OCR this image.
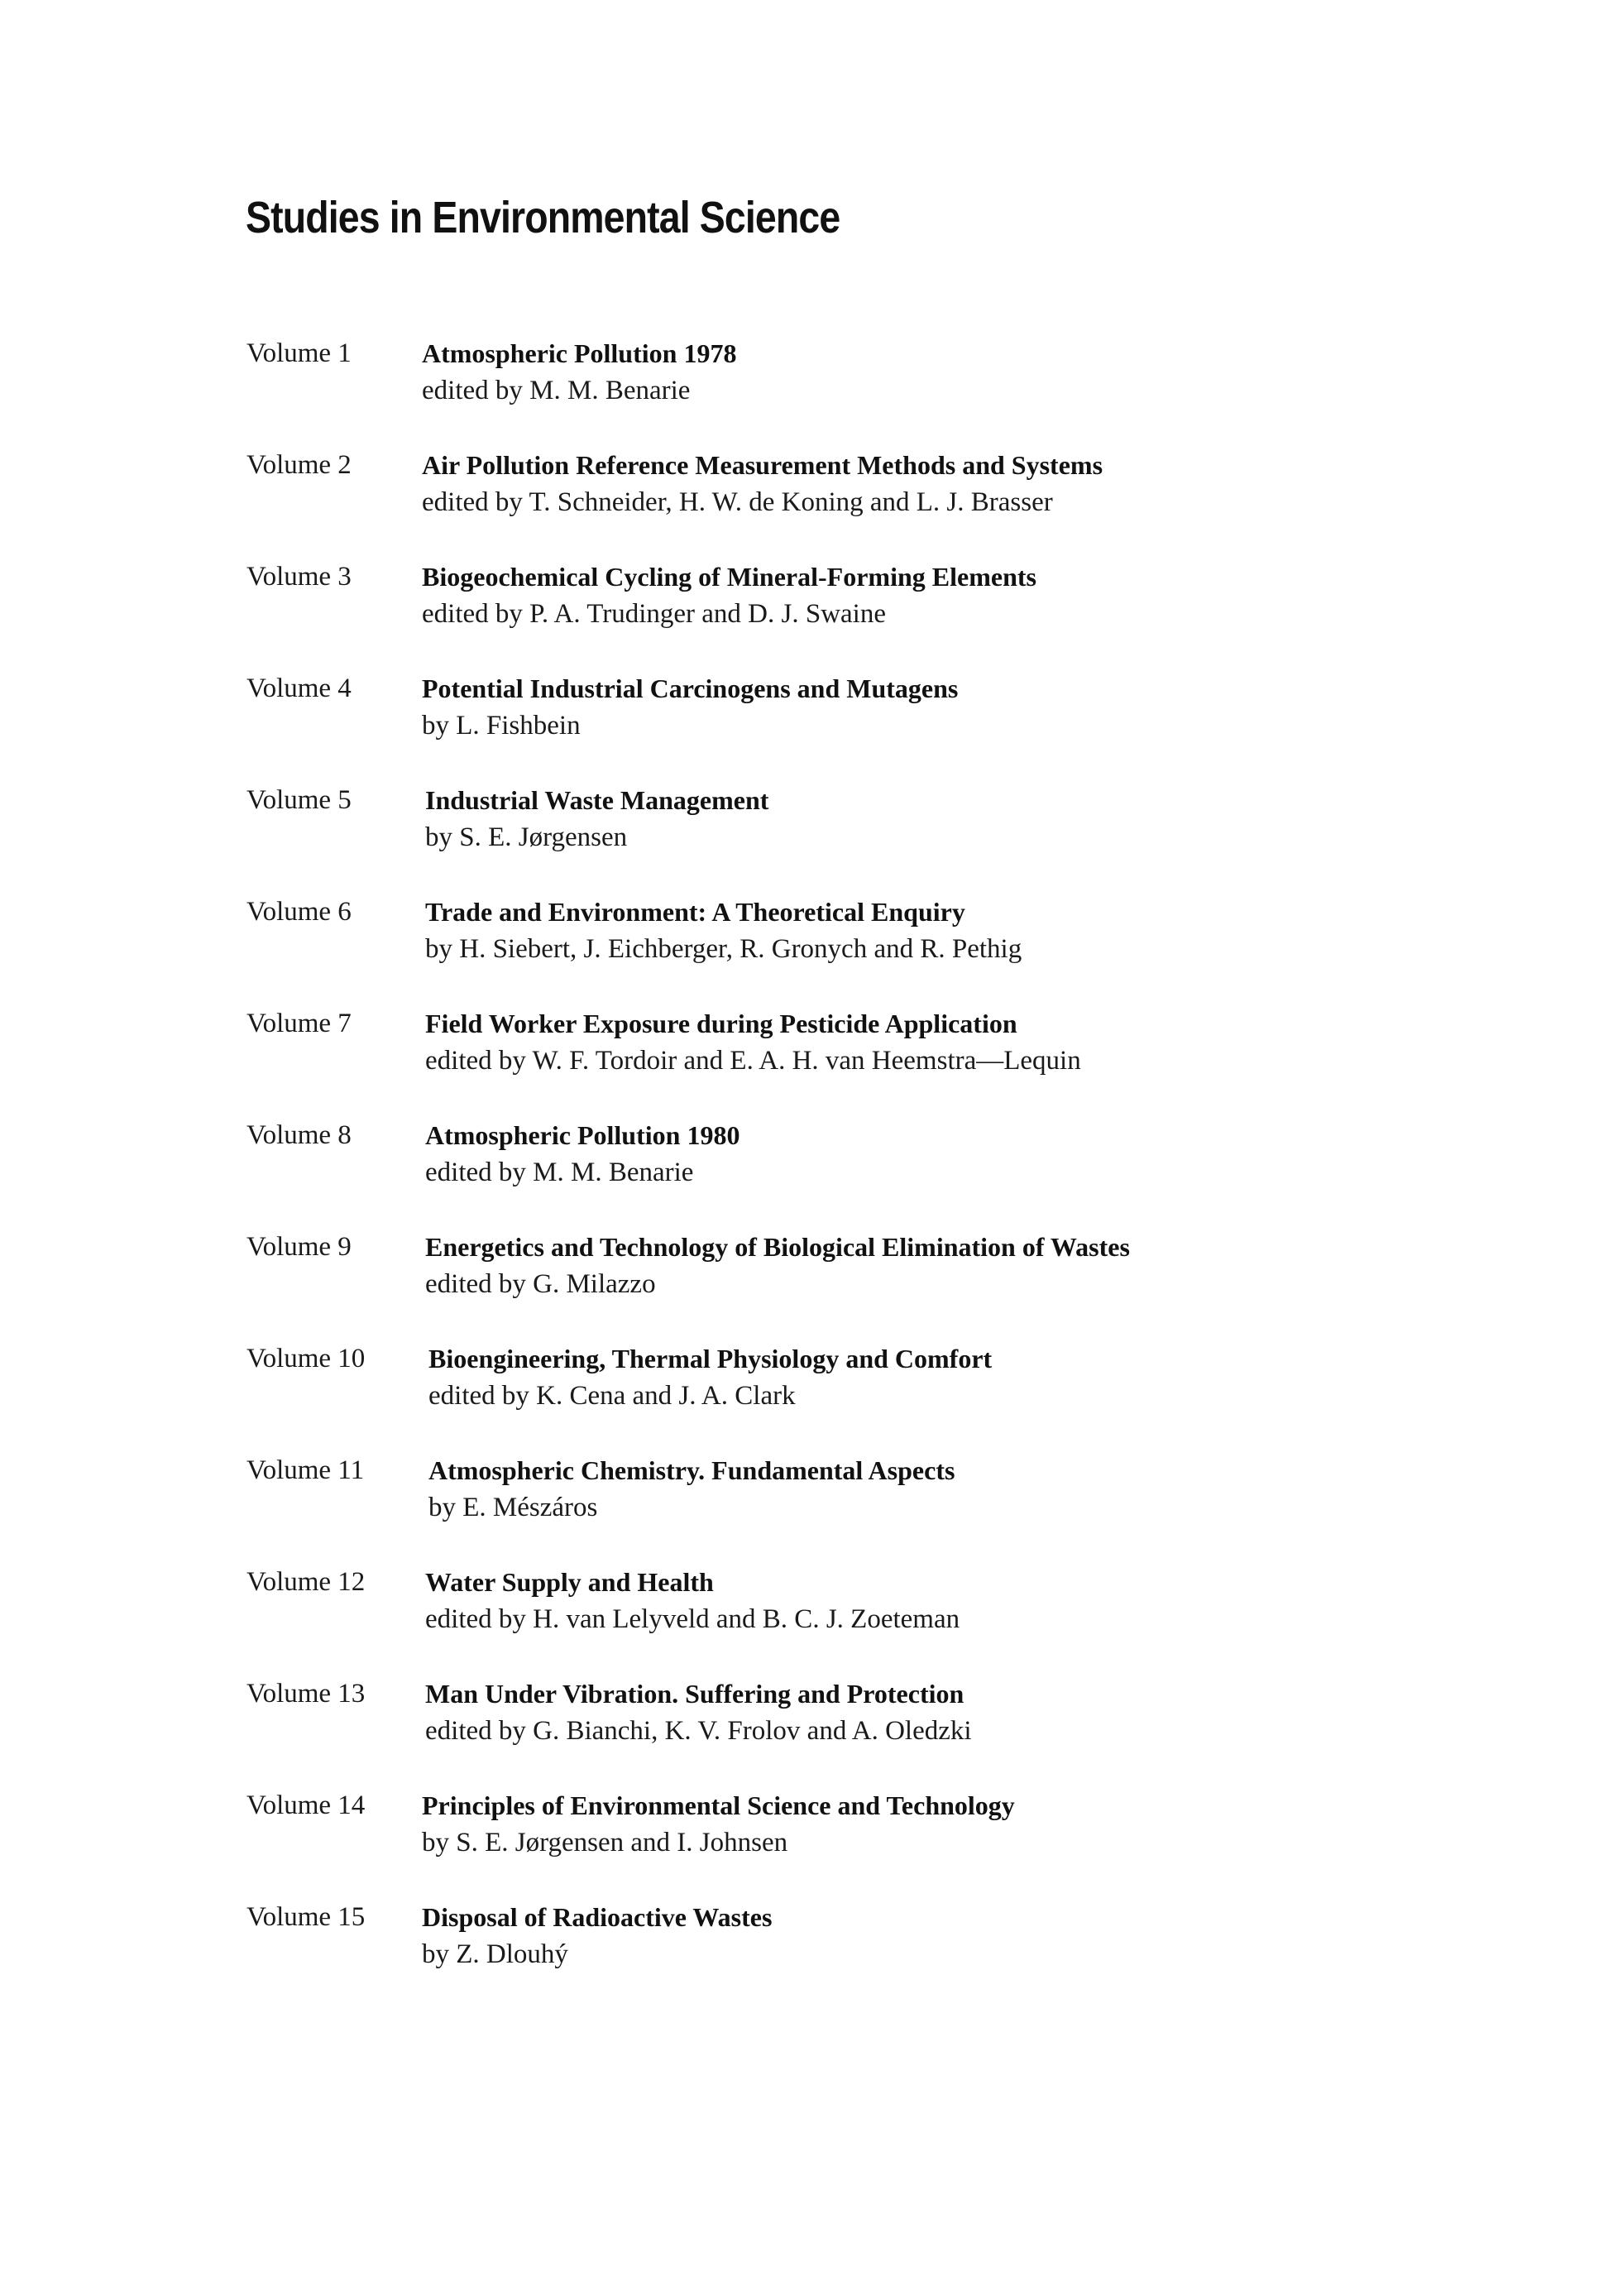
Studies in Environmental Science
Volume 1	Atmospheric Pollution 1978
edited by M. M. Benarie
Volume 2	Air Pollution Reference Measurement Methods and Systems
edited by T. Schneider, H. W. de Koning and L. J. Brasser
Volume 3	Biogeochemical Cycling of Mineral-Forming Elements
edited by P. A. Trudinger and D. J. Swaine
Volume 4	Potential Industrial Carcinogens and Mutagens
by L. Fishbein
Volume 5	Industrial Waste Management
by S. E. Jørgensen
Volume 6	Trade and Environment: A Theoretical Enquiry
by H. Siebert, J. Eichberger, R. Gronych and R. Pethig
Volume 7	Field Worker Exposure during Pesticide Application
edited by W. F. Tordoir and E. A. H. van Heemstra—Lequin
Volume 8	Atmospheric Pollution 1980
edited by M. M. Benarie
Volume 9	Energetics and Technology of Biological Elimination of Wastes
edited by G. Milazzo
Volume 10 Bioengineering, Thermal Physiology and Comfort
edited by K. Cena and J. A. Clark
Volume 11 Atmospheric Chemistry. Fundamental Aspects
by E. Mészáros
Volume 12 Water Supply and Health
edited by H. van Lelyveld and B. C. J. Zoeteman
Volume 13 Man Under Vibration. Suffering and Protection
edited by G. Bianchi, K. V. Frolov and A. Oledzki
Volume 14 Principles of Environmental Science and Technology
by S. E. Jørgensen and I. Johnsen
Volume 15 Disposal of Radioactive Wastes
by Z. Dlouhý
